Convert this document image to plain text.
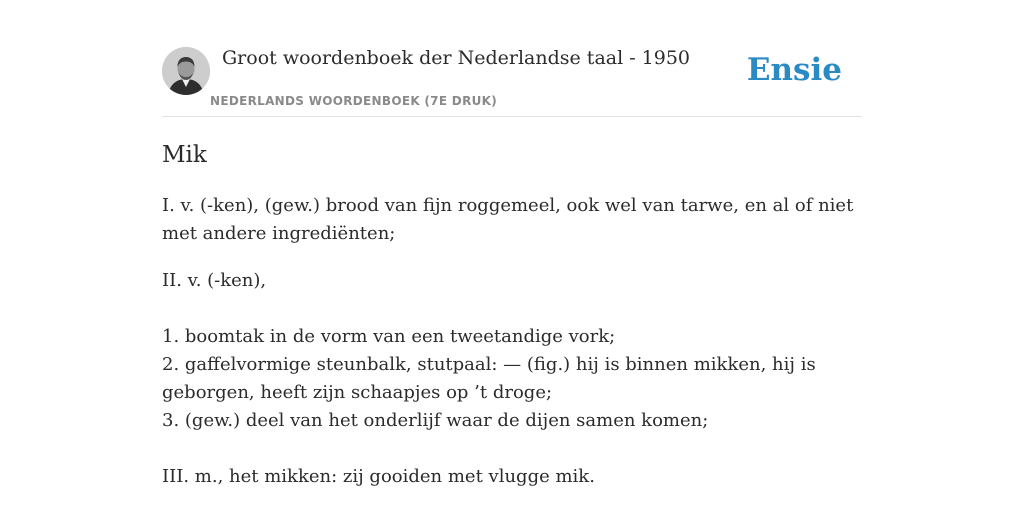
Groot woordenboek der Nederlandse taal - 1950
NEDERLANDS WOORDENBOEK (7E DRUK)
Ensie
Mik

I. v. (-ken), (gew.) brood van fijn roggemeel, ook wel van tarwe, en al of niet met andere ingrediënten;

II. v. (-ken),
1. boomtak in de vorm van een tweetandige vork;
2. gaffelvormige steunbalk, stutpaal: — (fig.) hij is binnen mikken, hij is geborgen, heeft zijn schaapjes op ’t droge;
3. (gew.) deel van het onderlijf waar de dijen samen komen;
III. m., het mikken: zij gooiden met vlugge mik.
